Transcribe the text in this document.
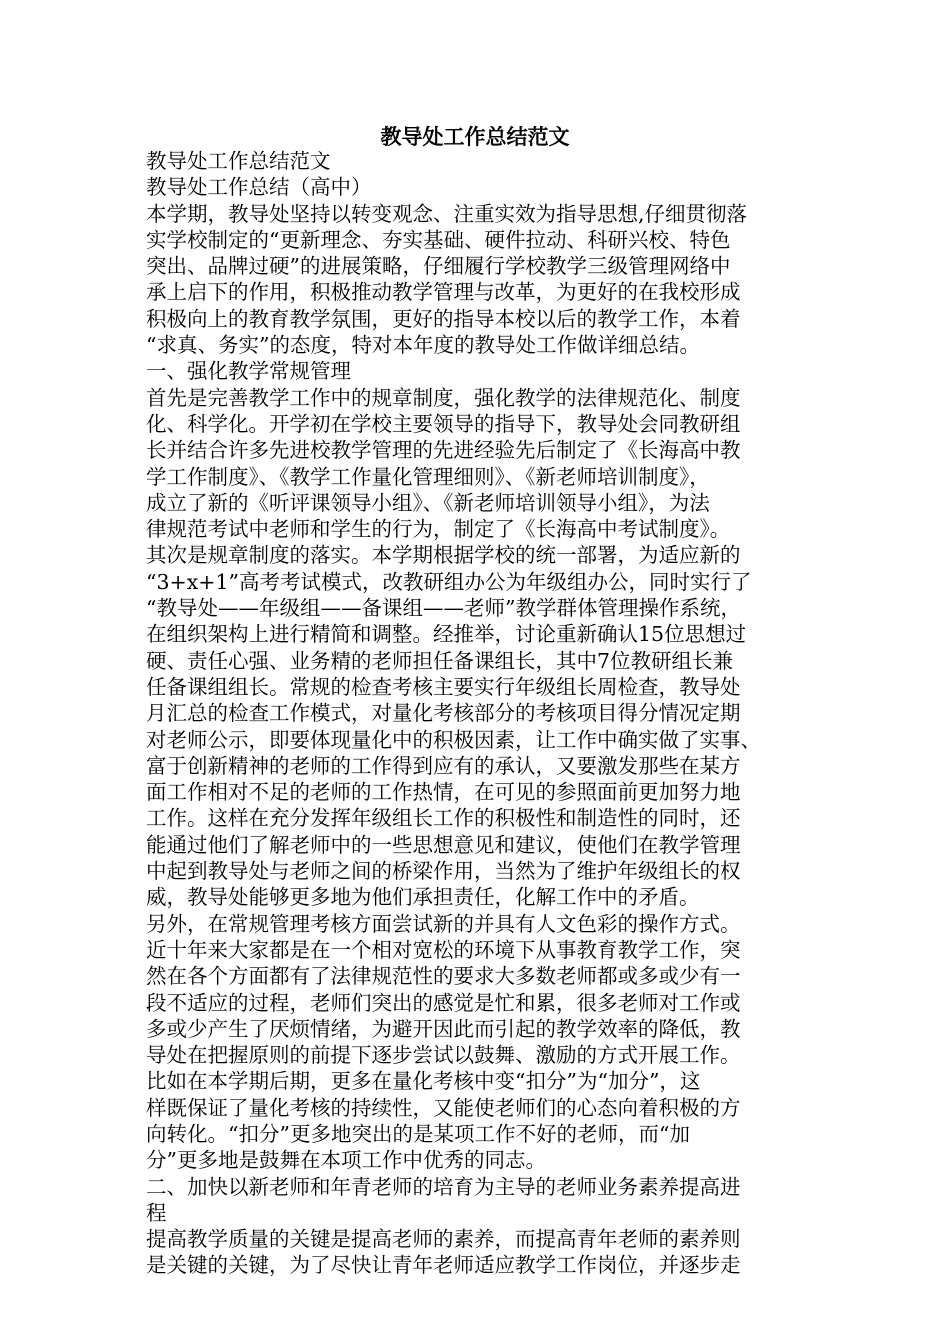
教导处工作总结范文
教导处工作总结范文
教导处工作总结（高中）
本学期，教导处坚持以转变观念、注重实效为指导思想,仔细贯彻落
实学校制定的“更新理念、夯实基础、硬件拉动、科研兴校、特色
突出、品牌过硬”的进展策略，仔细履行学校教学三级管理网络中
承上启下的作用，积极推动教学管理与改革，为更好的在我校形成
积极向上的教育教学氛围，更好的指导本校以后的教学工作，本着
“求真、务实”的态度，特对本年度的教导处工作做详细总结。
一、强化教学常规管理
首先是完善教学工作中的规章制度，强化教学的法律规范化、制度
化、科学化。开学初在学校主要领导的指导下，教导处会同教研组
长并结合许多先进校教学管理的先进经验先后制定了《长海高中教
学工作制度》、《教学工作量化管理细则》、《新老师培训制度》，
成立了新的《听评课领导小组》、《新老师培训领导小组》，为法
律规范考试中老师和学生的行为，制定了《长海高中考试制度》。
其次是规章制度的落实。本学期根据学校的统一部署，为适应新的
“3+x+1”高考考试模式，改教研组办公为年级组办公，同时实行了
“教导处——年级组——备课组——老师”教学群体管理操作系统，
在组织架构上进行精简和调整。经推举，讨论重新确认15位思想过
硬、责任心强、业务精的老师担任备课组长，其中7位教研组长兼
任备课组组长。常规的检查考核主要实行年级组长周检查，教导处
月汇总的检查工作模式，对量化考核部分的考核项目得分情况定期
对老师公示，即要体现量化中的积极因素，让工作中确实做了实事、
富于创新精神的老师的工作得到应有的承认，又要激发那些在某方
面工作相对不足的老师的工作热情，在可见的参照面前更加努力地
工作。这样在充分发挥年级组长工作的积极性和制造性的同时，还
能通过他们了解老师中的一些思想意见和建议，使他们在教学管理
中起到教导处与老师之间的桥梁作用，当然为了维护年级组长的权
威，教导处能够更多地为他们承担责任，化解工作中的矛盾。
另外，在常规管理考核方面尝试新的并具有人文色彩的操作方式。
近十年来大家都是在一个相对宽松的环境下从事教育教学工作，突
然在各个方面都有了法律规范性的要求大多数老师都或多或少有一
段不适应的过程，老师们突出的感觉是忙和累，很多老师对工作或
多或少产生了厌烦情绪，为避开因此而引起的教学效率的降低，教
导处在把握原则的前提下逐步尝试以鼓舞、激励的方式开展工作。
比如在本学期后期，更多在量化考核中变“扣分”为“加分”，这
样既保证了量化考核的持续性，又能使老师们的心态向着积极的方
向转化。“扣分”更多地突出的是某项工作不好的老师，而“加
分”更多地是鼓舞在本项工作中优秀的同志。
二、加快以新老师和年青老师的培育为主导的老师业务素养提高进
程
提高教学质量的关键是提高老师的素养，而提高青年老师的素养则
是关键的关键，为了尽快让青年老师适应教学工作岗位，并逐步走
